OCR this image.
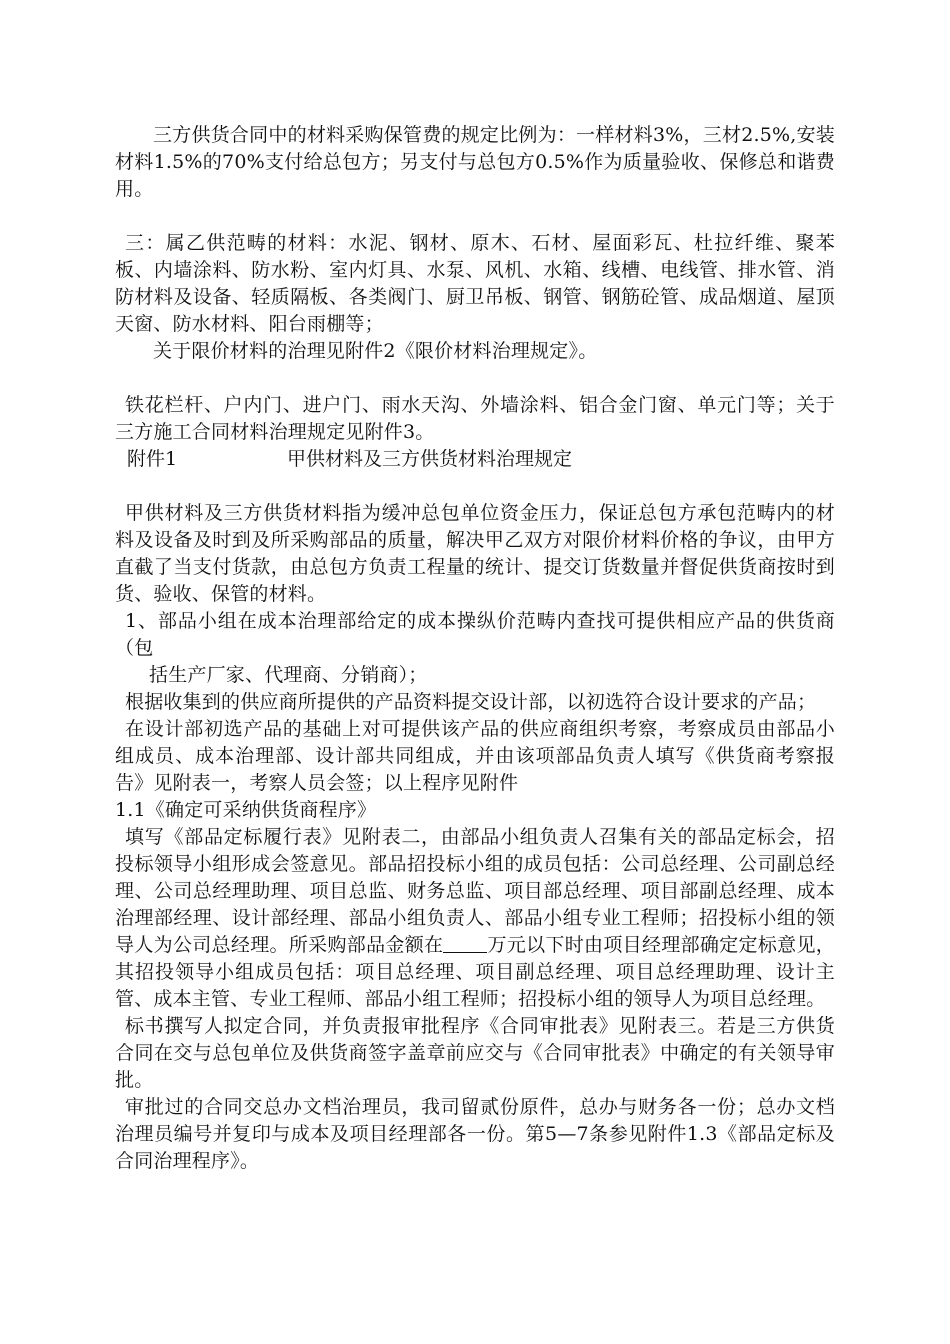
三方供货合同中的材料采购保管费的规定比例为：一样材料3%，三材2.5%,安装材料1.5%的70%支付给总包方；另支付与总包方0.5%作为质量验收、保修总和谐费用。

三：属乙供范畴的材料：水泥、钢材、原木、石材、屋面彩瓦、杜拉纤维、聚苯板、内墙涂料、防水粉、室内灯具、水泵、风机、水箱、线槽、电线管、排水管、消防材料及设备、轻质隔板、各类阀门、厨卫吊板、钢管、钢筋砼管、成品烟道、屋顶天窗、防水材料、阳台雨棚等；

关于限价材料的治理见附件2《限价材料治理规定》。

铁花栏杆、户内门、进户门、雨水天沟、外墙涂料、铝合金门窗、单元门等；关于三方施工合同材料治理规定见附件3。

附件1	甲供材料及三方供货材料治理规定

甲供材料及三方供货材料指为缓冲总包单位资金压力，保证总包方承包范畴内的材料及设备及时到及所采购部品的质量，解决甲乙双方对限价材料价格的争议，由甲方直截了当支付货款，由总包方负责工程量的统计、提交订货数量并督促供货商按时到货、验收、保管的材料。

1、部品小组在成本治理部给定的成本操纵价范畴内查找可提供相应产品的供货商（包

括生产厂家、代理商、分销商）；

根据收集到的供应商所提供的产品资料提交设计部，以初选符合设计要求的产品；

在设计部初选产品的基础上对可提供该产品的供应商组织考察，考察成员由部品小组成员、成本治理部、设计部共同组成，并由该项部品负责人填写《供货商考察报告》见附表一，考察人员会签；以上程序见附件

1.1《确定可采纳供货商程序》

填写《部品定标履行表》见附表二，由部品小组负责人召集有关的部品定标会，招投标领导小组形成会签意见。部品招投标小组的成员包括：公司总经理、公司副总经理、公司总经理助理、项目总监、财务总监、项目部总经理、项目部副总经理、成本治理部经理、设计部经理、部品小组负责人、部品小组专业工程师；招投标小组的领导人为公司总经理。所采购部品金额在 万元以下时由项目经理部确定定标意见，其招投领导小组成员包括：项目总经理、项目副总经理、项目总经理助理、设计主管、成本主管、专业工程师、部品小组工程师；招投标小组的领导人为项目总经理。

标书撰写人拟定合同，并负责报审批程序《合同审批表》见附表三。若是三方供货合同在交与总包单位及供货商签字盖章前应交与《合同审批表》中确定的有关领导审批。

审批过的合同交总办文档治理员，我司留贰份原件，总办与财务各一份；总办文档治理员编号并复印与成本及项目经理部各一份。第5—7条参见附件1.3《部品定标及合同治理程序》。
